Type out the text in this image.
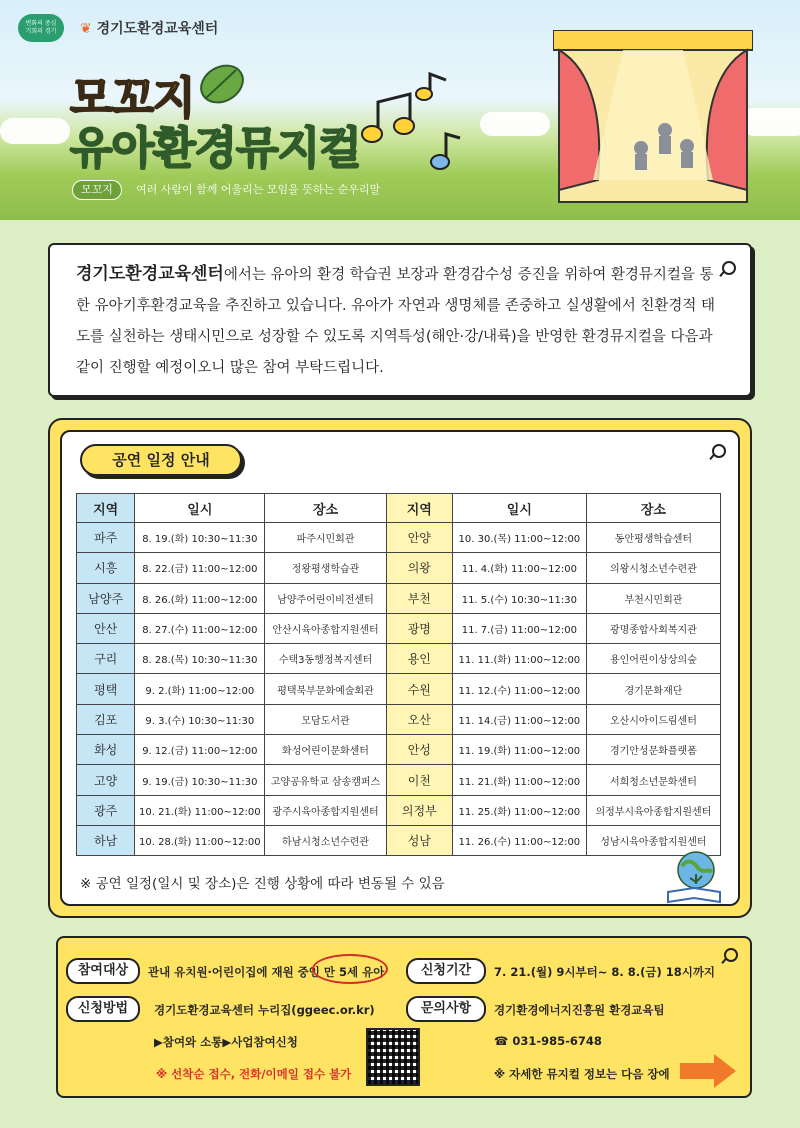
변화의 중심
기회의 경기	❦ 경기도환경교육센터
모꼬지
유아환경뮤지컬
모꼬지	여러 사람이 함께 어울리는 모임을 뜻하는 순우리말

경기도환경교육센터에서는 유아의 환경 학습권 보장과 환경감수성 증진을 위하여 환경뮤지컬을 통한 유아기후환경교육을 추진하고 있습니다. 유아가 자연과 생명체를 존중하고 실생활에서 친환경적 태도를 실천하는 생태시민으로 성장할 수 있도록 지역특성(해안·강/내륙)을 반영한 환경뮤지컬을 다음과 같이 진행할 예정이오니 많은 참여 부탁드립니다.

공연 일정 안내
지역	일시	장소	지역	일시	장소
파주	8. 19.(화) 10:30~11:30	파주시민회관	안양	10. 30.(목) 11:00~12:00	동안평생학습센터
시흥	8. 22.(금) 11:00~12:00	정왕평생학습관	의왕	11. 4.(화) 11:00~12:00	의왕시청소년수련관
남양주	8. 26.(화) 11:00~12:00	남양주어린이비전센터	부천	11. 5.(수) 10:30~11:30	부천시민회관
안산	8. 27.(수) 11:00~12:00	안산시육아종합지원센터	광명	11. 7.(금) 11:00~12:00	광명종합사회복지관
구리	8. 28.(목) 10:30~11:30	수택3동행정복지센터	용인	11. 11.(화) 11:00~12:00	용인어린이상상의숲
평택	9. 2.(화) 11:00~12:00	평택북부문화예술회관	수원	11. 12.(수) 11:00~12:00	경기문화재단
김포	9. 3.(수) 10:30~11:30	모담도서관	오산	11. 14.(금) 11:00~12:00	오산시아이드림센터
화성	9. 12.(금) 11:00~12:00	화성어린이문화센터	안성	11. 19.(화) 11:00~12:00	경기안성문화플랫폼
고양	9. 19.(금) 10:30~11:30	고양공유학교 삼송캠퍼스	이천	11. 21.(화) 11:00~12:00	서희청소년문화센터
광주	10. 21.(화) 11:00~12:00	광주시육아종합지원센터	의정부	11. 25.(화) 11:00~12:00	의정부시육아종합지원센터
하남	10. 28.(화) 11:00~12:00	하남시청소년수련관	성남	11. 26.(수) 11:00~12:00	성남시육아종합지원센터
※ 공연 일정(일시 및 장소)은 진행 상황에 따라 변동될 수 있음
참여대상	관내 유치원·어린이집에 재원 중인 만 5세 유아	신청기간	7. 21.(월) 9시부터~ 8. 8.(금) 18시까지
신청방법	경기도환경교육센터 누리집(ggeec.or.kr)
▶참여와 소통▶사업참여신청
※ 선착순 접수, 전화/이메일 접수 불가
문의사항	경기환경에너지진흥원 환경교육팀
☎ 031-985-6748
※ 자세한 뮤지컬 정보는 다음 장에
